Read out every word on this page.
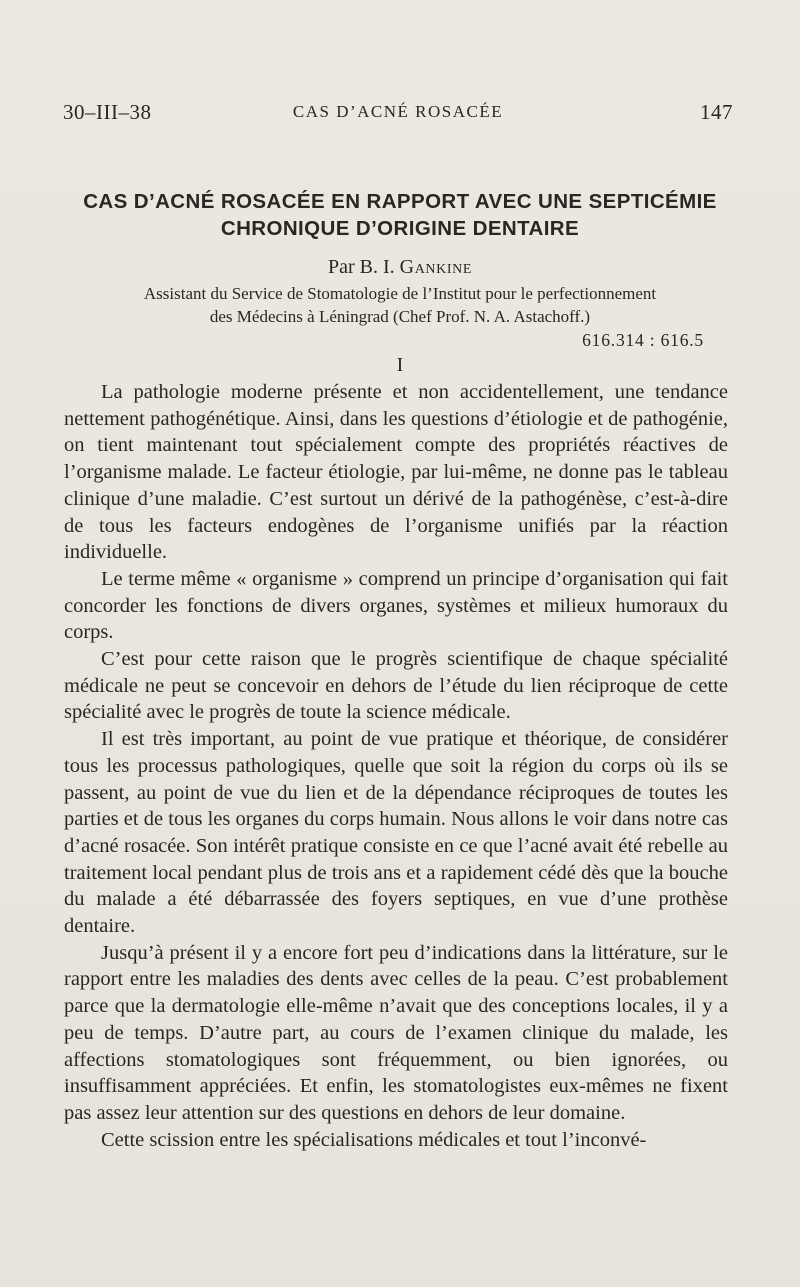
30–III–38	CAS D’ACNÉ ROSACÉE	147
CAS D’ACNÉ ROSACÉE EN RAPPORT AVEC UNE SEPTICÉMIE
CHRONIQUE D’ORIGINE DENTAIRE
Par B. I. Gankine
Assistant du Service de Stomatologie de l’Institut pour le perfectionnement
des Médecins à Léningrad (Chef Prof. N. A. Astachoff.)
616.314 : 616.5
I

La pathologie moderne présente et non accidentellement, une tendance nettement pathogénétique. Ainsi, dans les questions d’étiologie et de pathogénie, on tient maintenant tout spécialement compte des propriétés réactives de l’organisme malade. Le facteur étiologie, par lui-même, ne donne pas le tableau clinique d’une maladie. C’est surtout un dérivé de la pathogénèse, c’est-à-dire de tous les facteurs endogènes de l’organisme unifiés par la réaction individuelle.

Le terme même « organisme » comprend un principe d’organisation qui fait concorder les fonctions de divers organes, systèmes et milieux humoraux du corps.

C’est pour cette raison que le progrès scientifique de chaque spécialité médicale ne peut se concevoir en dehors de l’étude du lien réciproque de cette spécialité avec le progrès de toute la science médicale.

Il est très important, au point de vue pratique et théorique, de considérer tous les processus pathologiques, quelle que soit la région du corps où ils se passent, au point de vue du lien et de la dépendance réciproques de toutes les parties et de tous les organes du corps humain. Nous allons le voir dans notre cas d’acné rosacée. Son intérêt pratique consiste en ce que l’acné avait été rebelle au traitement local pendant plus de trois ans et a rapidement cédé dès que la bouche du malade a été débarrassée des foyers septiques, en vue d’une prothèse dentaire.

Jusqu’à présent il y a encore fort peu d’indications dans la littérature, sur le rapport entre les maladies des dents avec celles de la peau. C’est probablement parce que la dermatologie elle-même n’avait que des conceptions locales, il y a peu de temps. D’autre part, au cours de l’examen clinique du malade, les affections stomatologiques sont fréquemment, ou bien ignorées, ou insuffisamment appréciées. Et enfin, les stomatologistes eux-mêmes ne fixent pas assez leur attention sur des questions en dehors de leur domaine.

Cette scission entre les spécialisations médicales et tout l’inconvé-
